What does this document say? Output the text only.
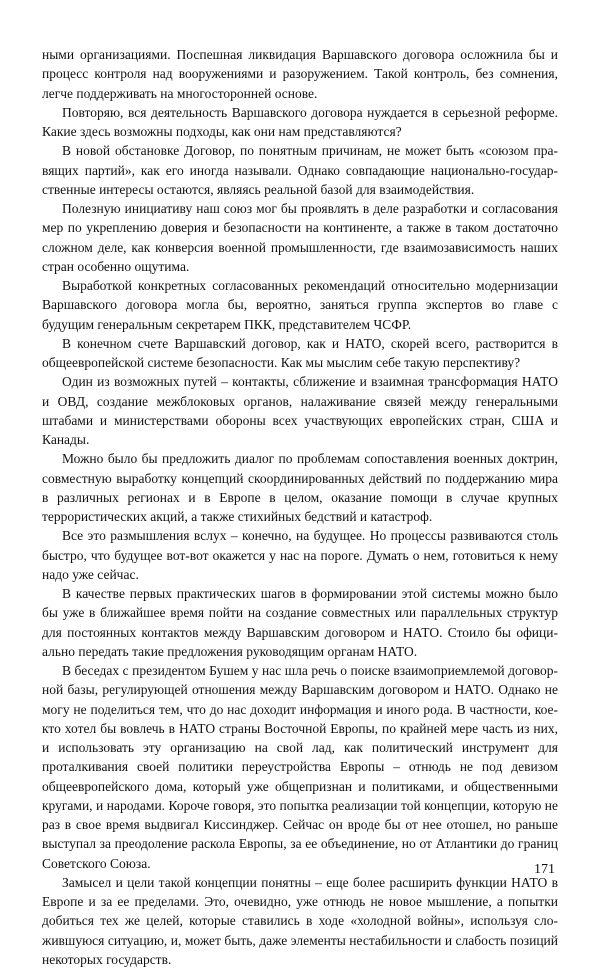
ными организациями. Поспешная ликвидация Варшавского договора осложнила бы и процесс контроля над вооружениями и разоружением. Такой контроль, без сомнения, легче поддерживать на многосторонней основе.

Повторяю, вся деятельность Варшавского договора нуждается в серьезной реформе. Какие здесь возможны подходы, как они нам представляются?

В новой обстановке Договор, по понятным причинам, не может быть «союзом правящих партий», как его иногда называли. Однако совпадающие национально-государственные интересы остаются, являясь реальной базой для взаимодействия.

Полезную инициативу наш союз мог бы проявлять в деле разработки и согласования мер по укреплению доверия и безопасности на континенте, а также в таком достаточно сложном деле, как конверсия военной промышленности, где взаимозависимость наших стран особенно ощутима.

Выработкой конкретных согласованных рекомендаций относительно модернизации Варшавского договора могла бы, вероятно, заняться группа экспертов во главе с будущим генеральным секретарем ПКК, представителем ЧСФР.

В конечном счете Варшавский договор, как и НАТО, скорей всего, растворится в общеевропейской системе безопасности. Как мы мыслим себе такую перспективу?

Один из возможных путей – контакты, сближение и взаимная трансформация НАТО и ОВД, создание межблоковых органов, налаживание связей между генеральными штабами и министерствами обороны всех участвующих европейских стран, США и Канады.

Можно было бы предложить диалог по проблемам сопоставления военных доктрин, совместную выработку концепций скоординированных действий по поддержанию мира в различных регионах и в Европе в целом, оказание помощи в случае крупных террористических акций, а также стихийных бедствий и катастроф.

Все это размышления вслух – конечно, на будущее. Но процессы развиваются столь быстро, что будущее вот-вот окажется у нас на пороге. Думать о нем, готовиться к нему надо уже сейчас.

В качестве первых практических шагов в формировании этой системы можно было бы уже в ближайшее время пойти на создание совместных или параллельных структур для постоянных контактов между Варшавским договором и НАТО. Стоило бы официально передать такие предложения руководящим органам НАТО.

В беседах с президентом Бушем у нас шла речь о поиске взаимоприемлемой договорной базы, регулирующей отношения между Варшавским договором и НАТО. Однако не могу не поделиться тем, что до нас доходит информация и иного рода. В частности, кое-кто хотел бы вовлечь в НАТО страны Восточной Европы, по крайней мере часть из них, и использовать эту организацию на свой лад, как политический инструмент для проталкивания своей политики переустройства Европы – отнюдь не под девизом общеевропейского дома, который уже общепризнан и политиками, и общественными кругами, и народами. Короче говоря, это попытка реализации той концепции, которую не раз в свое время выдвигал Киссинджер. Сейчас он вроде бы от нее отошел, но раньше выступал за преодоление раскола Европы, за ее объединение, но от Атлантики до границ Советского Союза.

Замысел и цели такой концепции понятны – еще более расширить функции НАТО в Европе и за ее пределами. Это, очевидно, уже отнюдь не новое мышление, а попытки добиться тех же целей, которые ставились в ходе «холодной войны», используя сложившуюся ситуацию, и, может быть, даже элементы нестабильности и слабость позиций некоторых государств.

171
